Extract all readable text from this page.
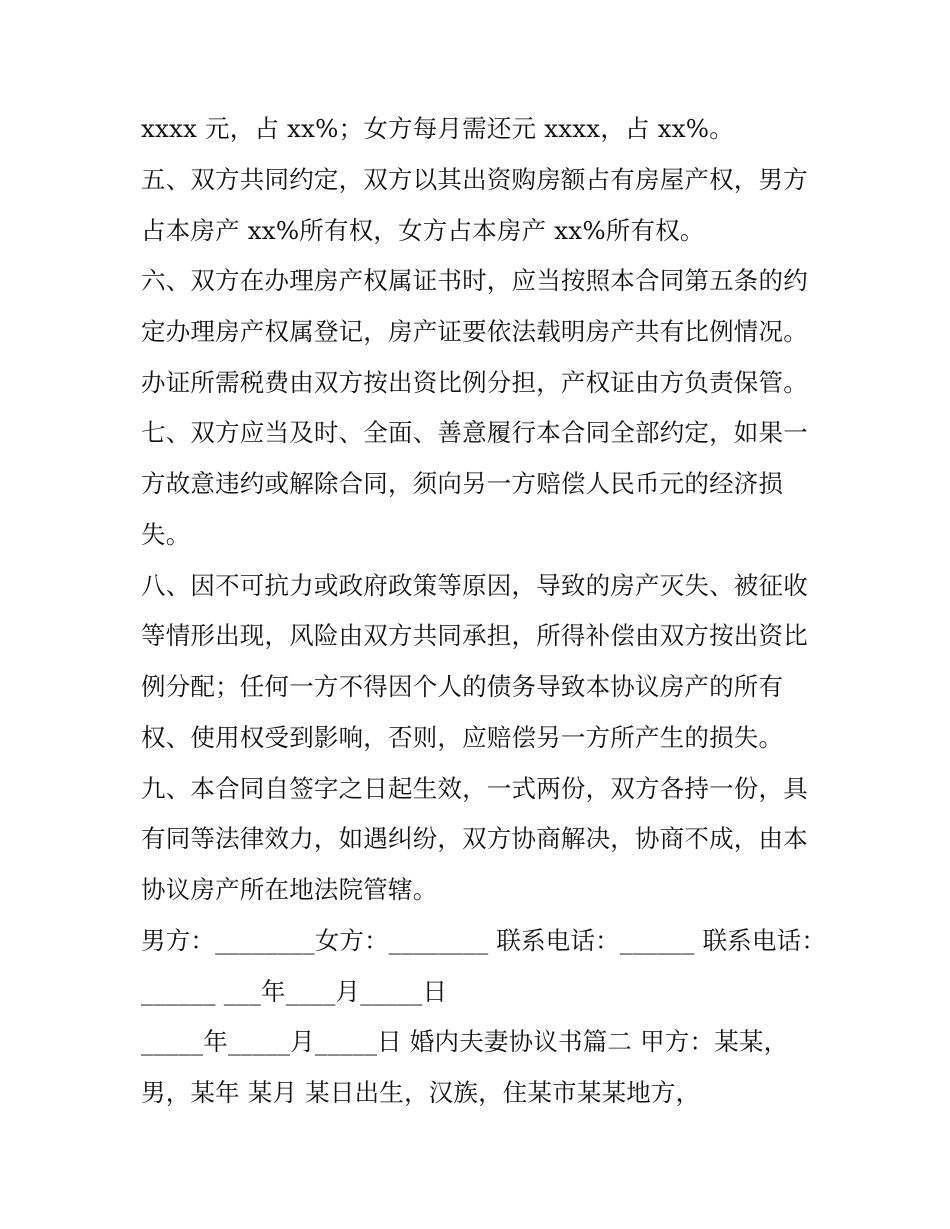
xxxx 元，占 xx%；女方每月需还元 xxxx，占 xx%。
五、双方共同约定，双方以其出资购房额占有房屋产权，男方
占本房产 xx%所有权，女方占本房产 xx%所有权。
六、双方在办理房产权属证书时，应当按照本合同第五条的约
定办理房产权属登记，房产证要依法载明房产共有比例情况。
办证所需税费由双方按出资比例分担，产权证由方负责保管。
七、双方应当及时、全面、善意履行本合同全部约定，如果一
方故意违约或解除合同，须向另一方赔偿人民币元的经济损
失。
八、因不可抗力或政府政策等原因，导致的房产灭失、被征收
等情形出现，风险由双方共同承担，所得补偿由双方按出资比
例分配；任何一方不得因个人的债务导致本协议房产的所有
权、使用权受到影响，否则，应赔偿另一方所产生的损失。
九、本合同自签字之日起生效，一式两份，双方各持一份，具
有同等法律效力，如遇纠纷，双方协商解决，协商不成，由本
协议房产所在地法院管辖。
男方：________女方：________ 联系电话：______ 联系电话：
______ ___年____月_____日
_____年_____月_____日 婚内夫妻协议书篇二 甲方：某某，
男，某年 某月 某日出生，汉族，住某市某某地方，
